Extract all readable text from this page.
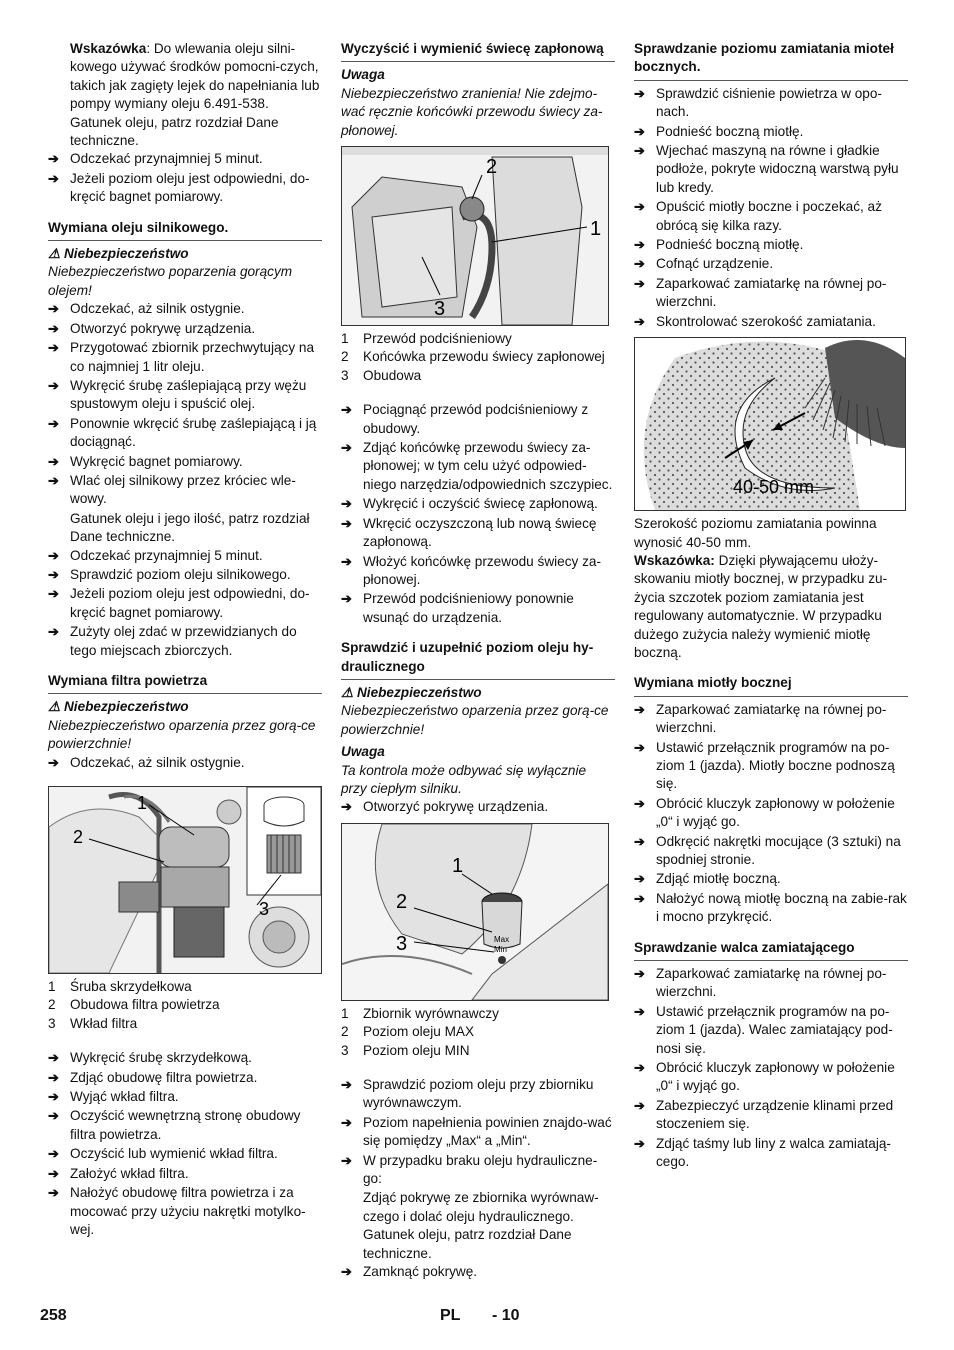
Wskazówka: Do wlewania oleju silni-kowego używać środków pomocni-czych, takich jak zagięty lejek do napełniania lub pompy wymiany oleju 6.491-538.

Gatunek oleju, patrz rozdział Dane techniczne.

➔ Odczekać przynajmniej 5 minut.
➔ Jeżeli poziom oleju jest odpowiedni, do-kręcić bagnet pomiarowy.
Wymiana oleju silnikowego.
⚠ Niebezpieczeństwo

Niebezpieczeństwo poparzenia gorącym olejem!

➔ Odczekać, aż silnik ostygnie.
➔ Otworzyć pokrywę urządzenia.
➔ Przygotować zbiornik przechwytujący na co najmniej 1 litr oleju.
➔ Wykręcić śrubę zaślepiającą przy wężu spustowym oleju i spuścić olej.
➔ Ponownie wkręcić śrubę zaślepiającą i ją dociągnąć.
➔ Wykręcić bagnet pomiarowy.
➔ Wlać olej silnikowy przez króciec wle-wowy.

Gatunek oleju i jego ilość, patrz rozdział Dane techniczne.

➔ Odczekać przynajmniej 5 minut.
➔ Sprawdzić poziom oleju silnikowego.
➔ Jeżeli poziom oleju jest odpowiedni, do-kręcić bagnet pomiarowy.
➔ Zużyty olej zdać w przewidzianych do tego miejscach zbiorczych.
Wymiana filtra powietrza
⚠ Niebezpieczeństwo

Niebezpieczeństwo oparzenia przez gorą-ce powierzchnie!

➔ Odczekać, aż silnik ostygnie.
1
2
3
1	Śruba skrzydełkowa
2	Obudowa filtra powietrza
3	Wkład filtra
➔ Wykręcić śrubę skrzydełkową.
➔ Zdjąć obudowę filtra powietrza.
➔ Wyjąć wkład filtra.
➔ Oczyścić wewnętrzną stronę obudowy filtra powietrza.
➔ Oczyścić lub wymienić wkład filtra.
➔ Założyć wkład filtra.
➔ Nałożyć obudowę filtra powietrza i za mocować przy użyciu nakrętki motylko-wej.
Wyczyścić i wymienić świecę zapłonową
Uwaga

Niebezpieczeństwo zranienia! Nie zdejmo-wać ręcznie końcówki przewodu świecy za-płonowej.

2
1
3
1	Przewód podciśnieniowy
2	Końcówka przewodu świecy zapłonowej
3	Obudowa
➔ Pociągnąć przewód podciśnieniowy z obudowy.
➔ Zdjąć końcówkę przewodu świecy za-płonowej; w tym celu użyć odpowied-niego narzędzia/odpowiednich szczypiec.
➔ Wykręcić i oczyścić świecę zapłonową.
➔ Wkręcić oczyszczoną lub nową świecę zapłonową.
➔ Włożyć końcówkę przewodu świecy za-płonowej.
➔ Przewód podciśnieniowy ponownie wsunąć do urządzenia.
Sprawdzić i uzupełnić poziom oleju hy-draulicznego
⚠ Niebezpieczeństwo

Niebezpieczeństwo oparzenia przez gorą-ce powierzchnie!

Uwaga

Ta kontrola może odbywać się wyłącznie przy ciepłym silniku.

➔ Otworzyć pokrywę urządzenia.
1
2
3	Max
Min
1	Zbiornik wyrównawczy
2	Poziom oleju MAX
3	Poziom oleju MIN
➔ Sprawdzić poziom oleju przy zbiorniku wyrównawczym.
➔ Poziom napełnienia powinien znajdo-wać się pomiędzy „Max“ a „Min“.
➔ W przypadku braku oleju hydrauliczne-go:

Zdjąć pokrywę ze zbiornika wyrównaw-czego i dolać oleju hydraulicznego.

Gatunek oleju, patrz rozdział Dane techniczne.

➔ Zamknąć pokrywę.
Sprawdzanie poziomu zamiatania mioteł bocznych.
➔ Sprawdzić ciśnienie powietrza w opo-nach.
➔ Podnieść boczną miotłę.
➔ Wjechać maszyną na równe i gładkie podłoże, pokryte widoczną warstwą pyłu lub kredy.
➔ Opuścić miotły boczne i poczekać, aż obrócą się kilka razy.
➔ Podnieść boczną miotłę.
➔ Cofnąć urządzenie.
➔ Zaparkować zamiatarkę na równej po-wierzchni.
➔ Skontrolować szerokość zamiatania.
40-50 mm

Szerokość poziomu zamiatania powinna wynosić 40-50 mm.

Wskazówka: Dzięki pływającemu ułoży-skowaniu miotły bocznej, w przypadku zu-życia szczotek poziom zamiatania jest regulowany automatycznie. W przypadku dużego zużycia należy wymienić miotłę boczną.

Wymiana miotły bocznej
➔ Zaparkować zamiatarkę na równej po-wierzchni.
➔ Ustawić przełącznik programów na po-ziom 1 (jazda). Miotły boczne podnoszą się.
➔ Obrócić kluczyk zapłonowy w położenie „0“ i wyjąć go.
➔ Odkręcić nakrętki mocujące (3 sztuki) na spodniej stronie.
➔ Zdjąć miotłę boczną.
➔ Nałożyć nową miotłę boczną na zabie-rak i mocno przykręcić.
Sprawdzanie walca zamiatającego
➔ Zaparkować zamiatarkę na równej po-wierzchni.
➔ Ustawić przełącznik programów na po-ziom 1 (jazda). Walec zamiatający pod-nosi się.
➔ Obrócić kluczyk zapłonowy w położenie „0“ i wyjąć go.
➔ Zabezpieczyć urządzenie klinami przed stoczeniem się.
➔ Zdjąć taśmy lub liny z walca zamiatają-cego.
258	PL - 10
